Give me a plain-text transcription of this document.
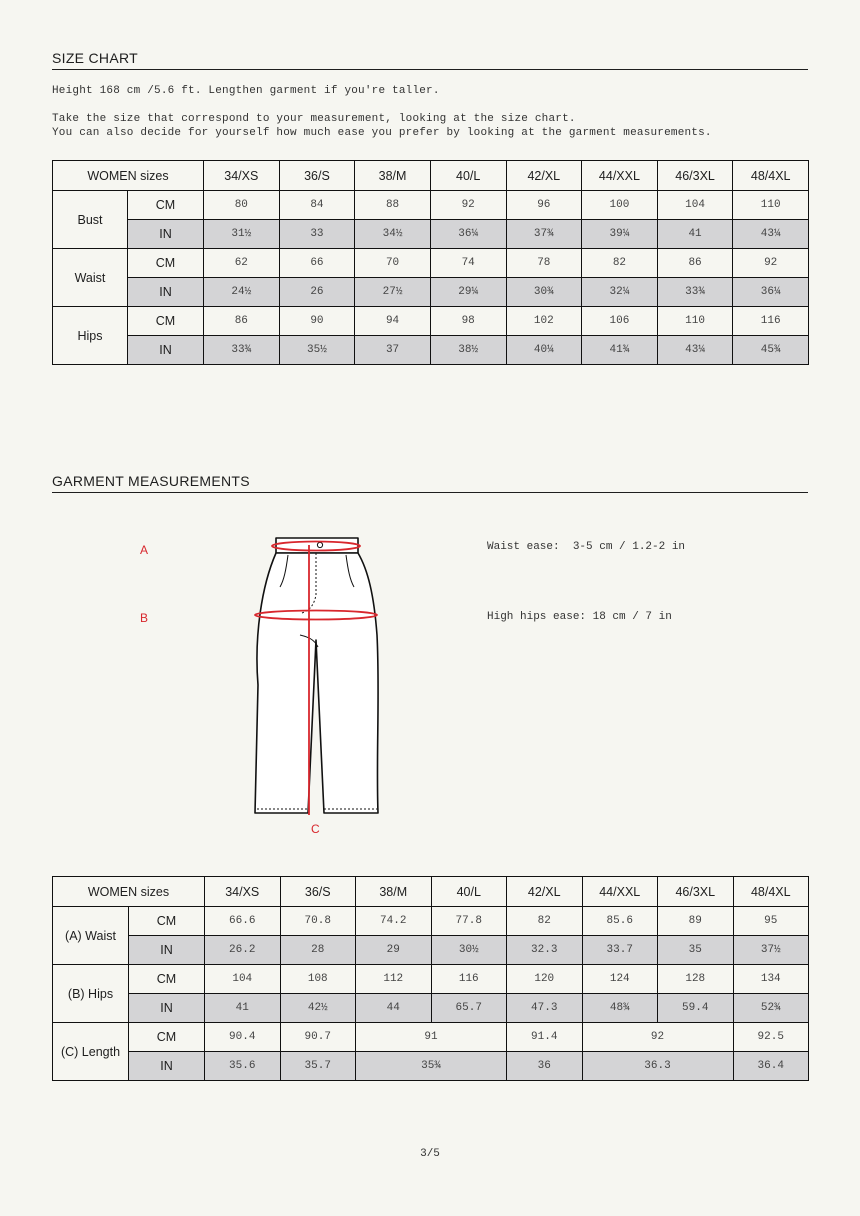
SIZE CHART
Height 168 cm /5.6 ft. Lengthen garment if you're taller.
Take the size that correspond to your measurement, looking at the size chart.
You can also decide for yourself how much ease you prefer by looking at the garment measurements.
WOMEN sizes		34/XS	36/S	38/M	40/L	42/XL	44/XXL	46/3XL	48/4XL
Bust	CM	80	84	88	92	96	100	104	110
	IN	31½	33	34½	36¼	37¾	39¼	41	43¼
Waist	CM	62	66	70	74	78	82	86	92
	IN	24½	26	27½	29¼	30¾	32¼	33¾	36¼
Hips	CM	86	90	94	98	102	106	110	116
	IN	33¾	35½	37	38½	40¼	41¾	43¼	45¾
GARMENT MEASUREMENTS
A
B
C
Waist ease:  3-5 cm / 1.2-2 in
High hips ease: 18 cm / 7 in
WOMEN sizes		34/XS	36/S	38/M	40/L	42/XL	44/XXL	46/3XL	48/4XL
(A) Waist	CM	66.6	70.8	74.2	77.8	82	85.6	89	95
	IN	26.2	28	29	30½	32.3	33.7	35	37½
(B) Hips	CM	104	108	112	116	120	124	128	134
	IN	41	42½	44	65.7	47.3	48¾	59.4	52¾
(C) Length	CM	90.4	90.7	91		91.4	92		92.5
	IN	35.6	35.7	35¾		36	36.3		36.4
3/5
